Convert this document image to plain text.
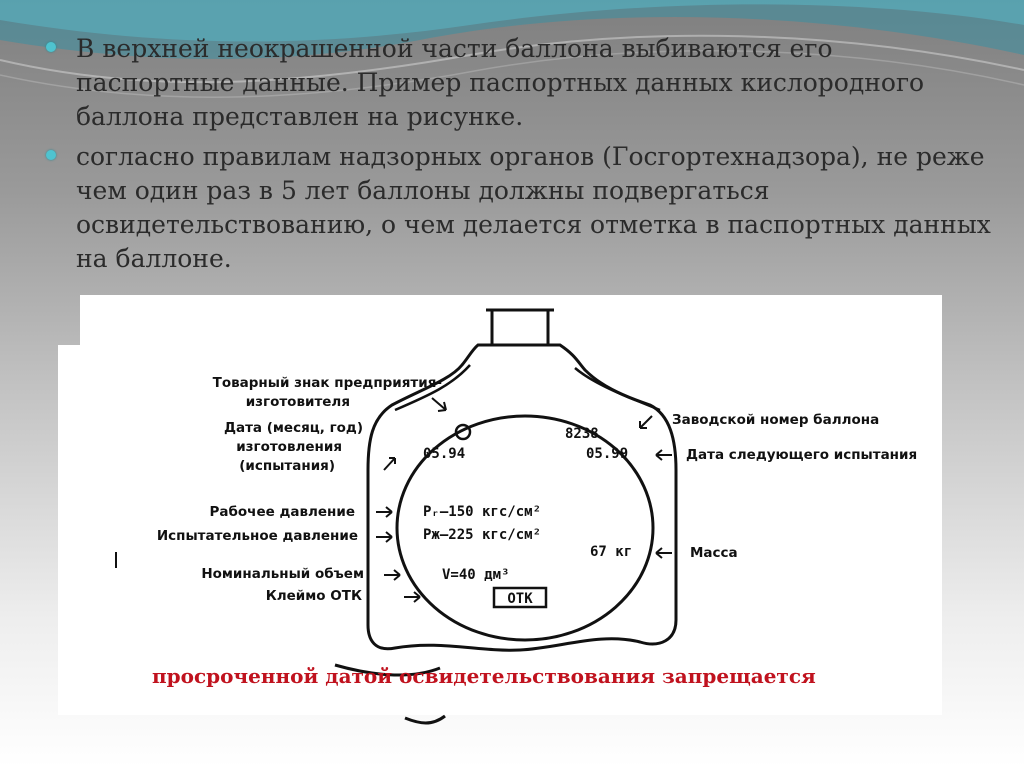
В верхней неокрашенной части баллона выбиваются его паспортные данные. Пример паспортных данных кислородного баллона представлен на рисунке.
согласно правилам надзорных органов (Госгортехнадзора), не реже чем один раз в 5 лет баллоны должны подвергаться освидетельствованию, о чем делается отметка в паспортных данных на баллоне.
Товарный знак предприятия-
изготовителя
Дата (месяц, год)
изготовления
(испытания)
Рабочее давление
Испытательное давление
Номинальный объем
Клеймо ОТК
Заводской номер баллона
Дата следующего испытания
Масса
8238
05.94	05.99
Pᵣ–150 кгс/см²
Pж–225 кгс/см²
67 кг
V=40 дм³
ОТК
просроченной датой освидетельствования запрещается
